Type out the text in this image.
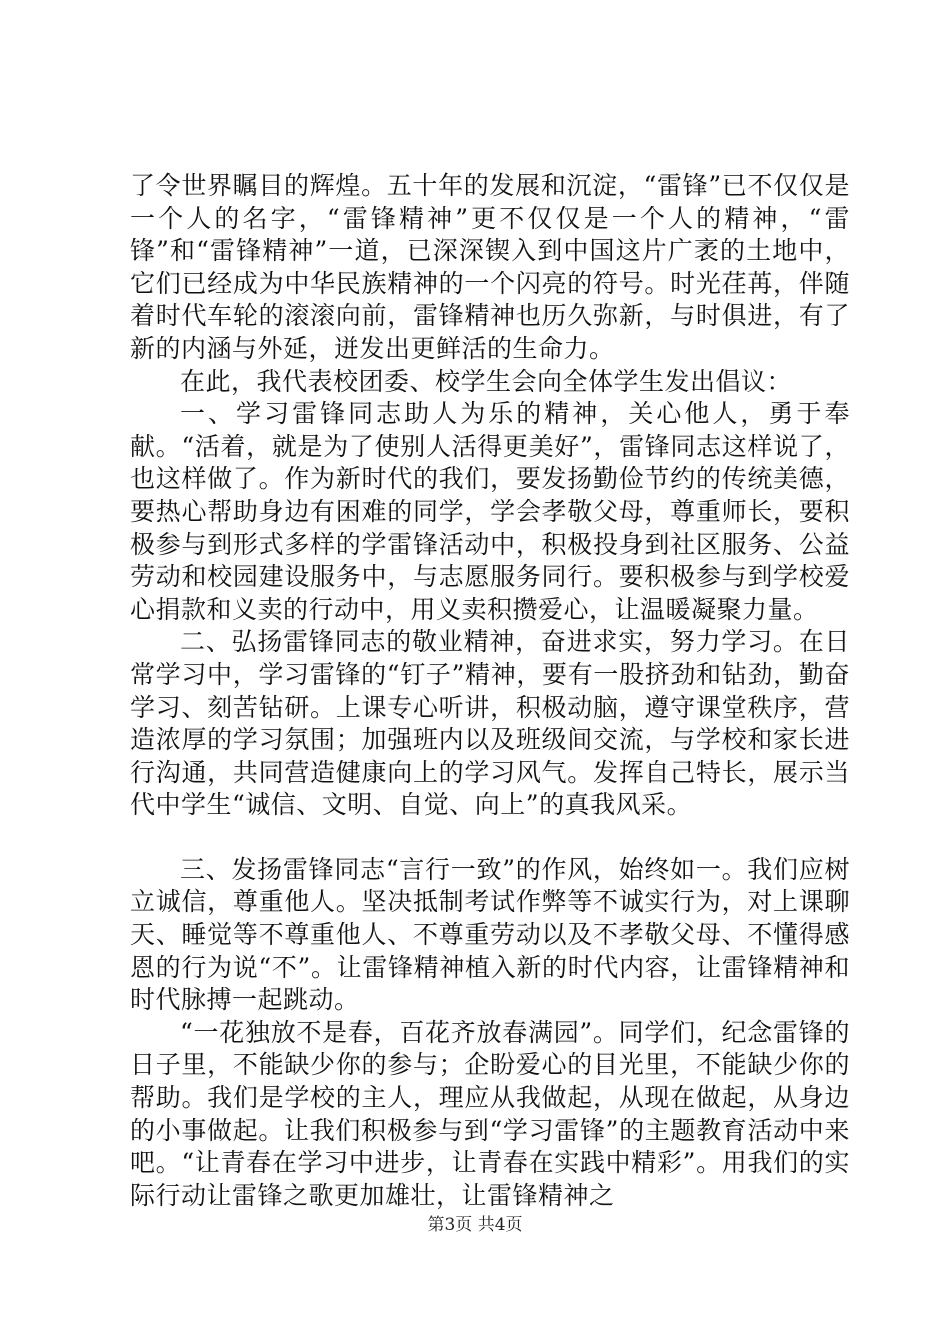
了令世界瞩目的辉煌。五十年的发展和沉淀，“雷锋”已不仅仅是一个人的名字，“雷锋精神”更不仅仅是一个人的精神，“雷锋”和“雷锋精神”一道，已深深锲入到中国这片广袤的土地中，它们已经成为中华民族精神的一个闪亮的符号。时光荏苒，伴随着时代车轮的滚滚向前，雷锋精神也历久弥新，与时俱进，有了新的内涵与外延，迸发出更鲜活的生命力。

在此，我代表校团委、校学生会向全体学生发出倡议：

一、学习雷锋同志助人为乐的精神，关心他人，勇于奉献。“活着，就是为了使别人活得更美好”，雷锋同志这样说了，也这样做了。作为新时代的我们，要发扬勤俭节约的传统美德，要热心帮助身边有困难的同学，学会孝敬父母，尊重师长，要积极参与到形式多样的学雷锋活动中，积极投身到社区服务、公益劳动和校园建设服务中，与志愿服务同行。要积极参与到学校爱心捐款和义卖的行动中，用义卖积攒爱心，让温暖凝聚力量。

二、弘扬雷锋同志的敬业精神，奋进求实，努力学习。在日常学习中，学习雷锋的“钉子”精神，要有一股挤劲和钻劲，勤奋学习、刻苦钻研。上课专心听讲，积极动脑，遵守课堂秩序，营造浓厚的学习氛围；加强班内以及班级间交流，与学校和家长进行沟通，共同营造健康向上的学习风气。发挥自己特长，展示当代中学生“诚信、文明、自觉、向上”的真我风采。

三、发扬雷锋同志“言行一致”的作风，始终如一。我们应树立诚信，尊重他人。坚决抵制考试作弊等不诚实行为，对上课聊天、睡觉等不尊重他人、不尊重劳动以及不孝敬父母、不懂得感恩的行为说“不”。让雷锋精神植入新的时代内容，让雷锋精神和时代脉搏一起跳动。

“一花独放不是春，百花齐放春满园”。同学们，纪念雷锋的日子里，不能缺少你的参与；企盼爱心的目光里，不能缺少你的帮助。我们是学校的主人，理应从我做起，从现在做起，从身边的小事做起。让我们积极参与到“学习雷锋”的主题教育活动中来吧。“让青春在学习中进步，让青春在实践中精彩”。用我们的实际行动让雷锋之歌更加雄壮，让雷锋精神之

第3页 共4页
